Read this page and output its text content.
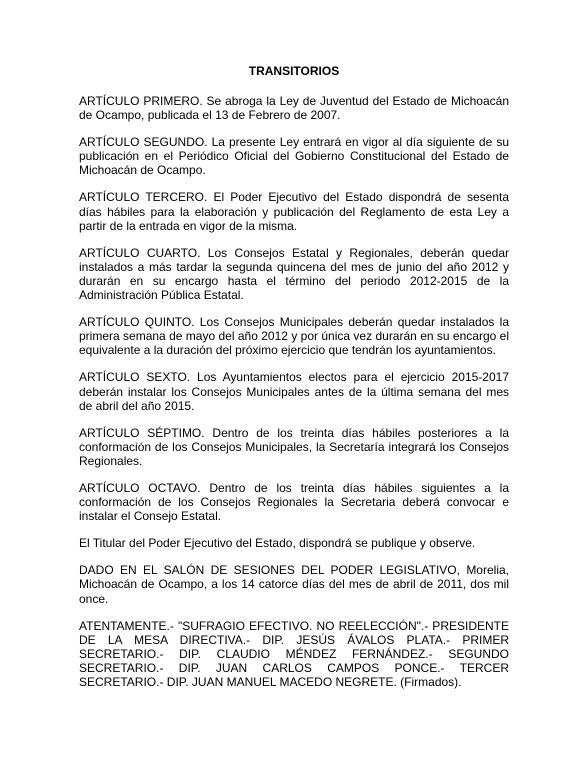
TRANSITORIOS

ARTÍCULO PRIMERO. Se abroga la Ley de Juventud del Estado de Michoacán de Ocampo, publicada el 13 de Febrero de 2007.

ARTÍCULO SEGUNDO. La presente Ley entrará en vigor al día siguiente de su publicación en el Periódico Oficial del Gobierno Constitucional del Estado de Michoacán de Ocampo.

ARTÍCULO TERCERO. El Poder Ejecutivo del Estado dispondrá de sesenta días hábiles para la elaboración y publicación del Reglamento de esta Ley a partir de la entrada en vigor de la misma.

ARTÍCULO CUARTO. Los Consejos Estatal y Regionales, deberán quedar instalados a más tardar la segunda quincena del mes de junio del año 2012 y durarán en su encargo hasta el término del periodo 2012-2015 de la Administración Pública Estatal.

ARTÍCULO QUINTO. Los Consejos Municipales deberán quedar instalados la primera semana de mayo del año 2012 y por única vez durarán en su encargo el equivalente a la duración del próximo ejercicio que tendrán los ayuntamientos.

ARTÍCULO SEXTO. Los Ayuntamientos electos para el ejercicio 2015-2017 deberán instalar los Consejos Municipales antes de la última semana del mes de abril del año 2015.

ARTÍCULO SÉPTIMO. Dentro de los treinta días hábiles posteriores a la conformación de los Consejos Municipales, la Secretaría integrará los Consejos Regionales.

ARTÍCULO OCTAVO. Dentro de los treinta días hábiles siguientes a la conformación de los Consejos Regionales la Secretaria deberá convocar e instalar el Consejo Estatal.

El Titular del Poder Ejecutivo del Estado, dispondrá se publique y observe.

DADO EN EL SALÓN DE SESIONES DEL PODER LEGISLATIVO, Morelia, Michoacán de Ocampo, a los 14 catorce días del mes de abril de 2011, dos mil once.

ATENTAMENTE.- "SUFRAGIO EFECTIVO. NO REELECCIÓN".- PRESIDENTE DE LA MESA DIRECTIVA.- DIP. JESÚS ÁVALOS PLATA.- PRIMER SECRETARIO.- DIP. CLAUDIO MÉNDEZ FERNÁNDEZ.- SEGUNDO SECRETARIO.- DIP. JUAN CARLOS CAMPOS PONCE.- TERCER SECRETARIO.- DIP. JUAN MANUEL MACEDO NEGRETE. (Firmados).
